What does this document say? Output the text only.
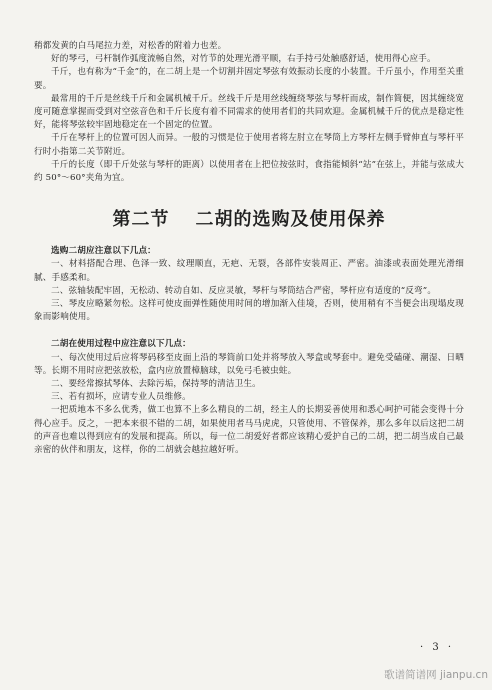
稍都发黄的白马尾拉力差，对松香的附着力也差。

好的琴弓，弓杆制作弧度流畅自然，对竹节的处理光滑平顺，右手持弓处触感舒适，使用得心应手。

千斤，也有称为“千金”的，在二胡上是一个切割并固定琴弦有效振动长度的小装置。千斤虽小，作用至关重要。

最常用的千斤是丝线千斤和金属机械千斤。丝线千斤是用丝线缠绕琴弦与琴杆而成，制作简便，因其缠绕宽度可随意掌握而受到对空弦音色和千斤长度有着不同需求的使用者们的共同欢迎。金属机械千斤的优点是稳定性好，能将琴弦较牢固地稳定在一个固定的位置。

千斤在琴杆上的位置可因人而异。一般的习惯是位于使用者将左肘立在琴筒上方琴杆左侧手臂伸直与琴杆平行时小指第二关节附近。

千斤的长度（即千斤处弦与琴杆的距离）以使用者在上把位按弦时，食指能倾斜“站”在弦上，并能与弦成大约 50°～60°夹角为宜。

第二节 二胡的选购及使用保养

选购二胡应注意以下几点：

一、材料搭配合理、色泽一致、纹理顺直，无疤、无裂，各部件安装周正、严密。油漆或表面处理光滑细腻、手感柔和。

二、弦轴装配牢固，无松动、转动自如、反应灵敏，琴杆与琴筒结合严密，琴杆应有适度的“反弯”。

三、琴皮应略紧勿松。这样可使皮面弹性随使用时间的增加渐入佳境，否则，使用稍有不当便会出现塌皮现象而影响使用。

二胡在使用过程中应注意以下几点：

一、每次使用过后应将琴码移至皮面上沿的琴筒前口处并将琴放入琴盒或琴套中。避免受磕碰、潮湿、日晒等。长期不用时应把弦放松，盒内应放置樟脑球，以免弓毛被虫蛀。

二、要经常擦拭琴体、去除污垢，保持琴的清洁卫生。

三、若有损坏，应请专业人员维修。

一把质地本不多么优秀，做工也算不上多么精良的二胡，经主人的长期妥善使用和悉心呵护可能会变得十分得心应手。反之，一把本来很不错的二胡，如果使用者马马虎虎，只管使用、不管保养，那么多年以后这把二胡的声音也难以得到应有的发展和提高。所以，每一位二胡爱好者都应该精心爱护自己的二胡，把二胡当成自己最亲密的伙伴和朋友，这样，你的二胡就会越拉越好听。

· 3 ·
歌谱简谱网 jianpu.cn
